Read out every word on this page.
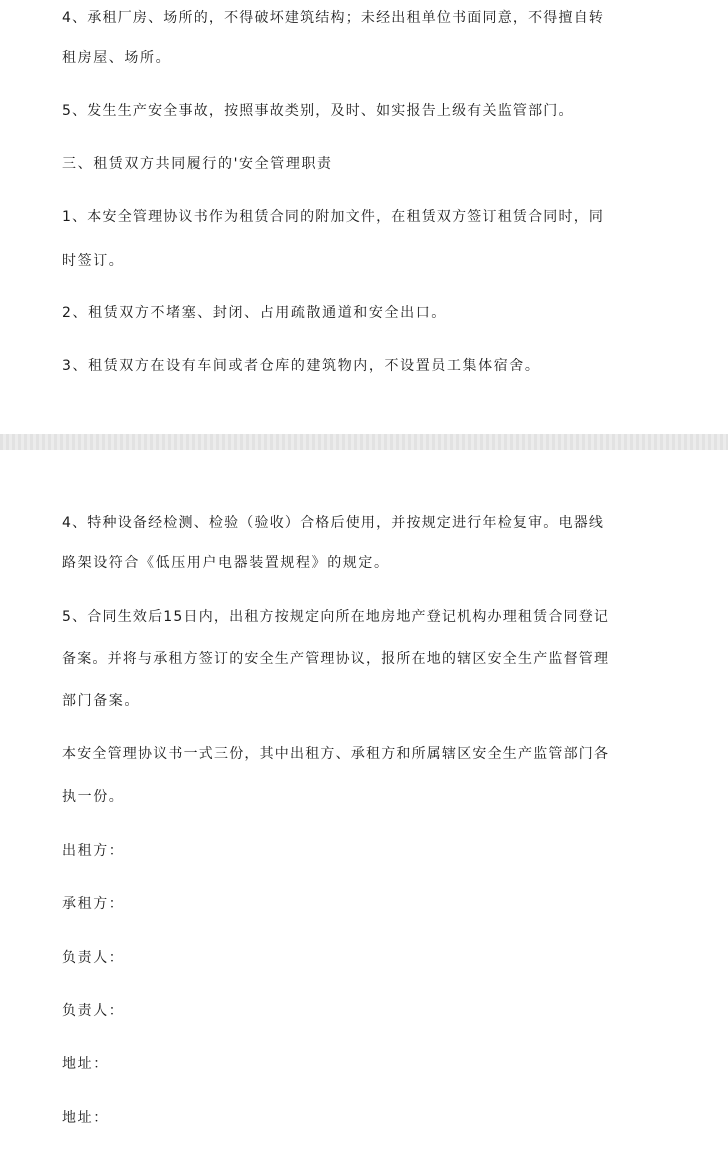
4、承租厂房、场所的，不得破坏建筑结构；未经出租单位书面同意，不得擅自转
租房屋、场所。
5、发生生产安全事故，按照事故类别，及时、如实报告上级有关监管部门。
三、租赁双方共同履行的'安全管理职责
1、本安全管理协议书作为租赁合同的附加文件，在租赁双方签订租赁合同时，同
时签订。
2、租赁双方不堵塞、封闭、占用疏散通道和安全出口。
3、租赁双方在设有车间或者仓库的建筑物内，不设置员工集体宿舍。
4、特种设备经检测、检验（验收）合格后使用，并按规定进行年检复审。电器线
路架设符合《低压用户电器装置规程》的规定。
5、合同生效后15日内，出租方按规定向所在地房地产登记机构办理租赁合同登记
备案。并将与承租方签订的安全生产管理协议，报所在地的辖区安全生产监督管理
部门备案。
本安全管理协议书一式三份，其中出租方、承租方和所属辖区安全生产监管部门各
执一份。
出租方：
承租方：
负责人：
负责人：
地址：
地址：
